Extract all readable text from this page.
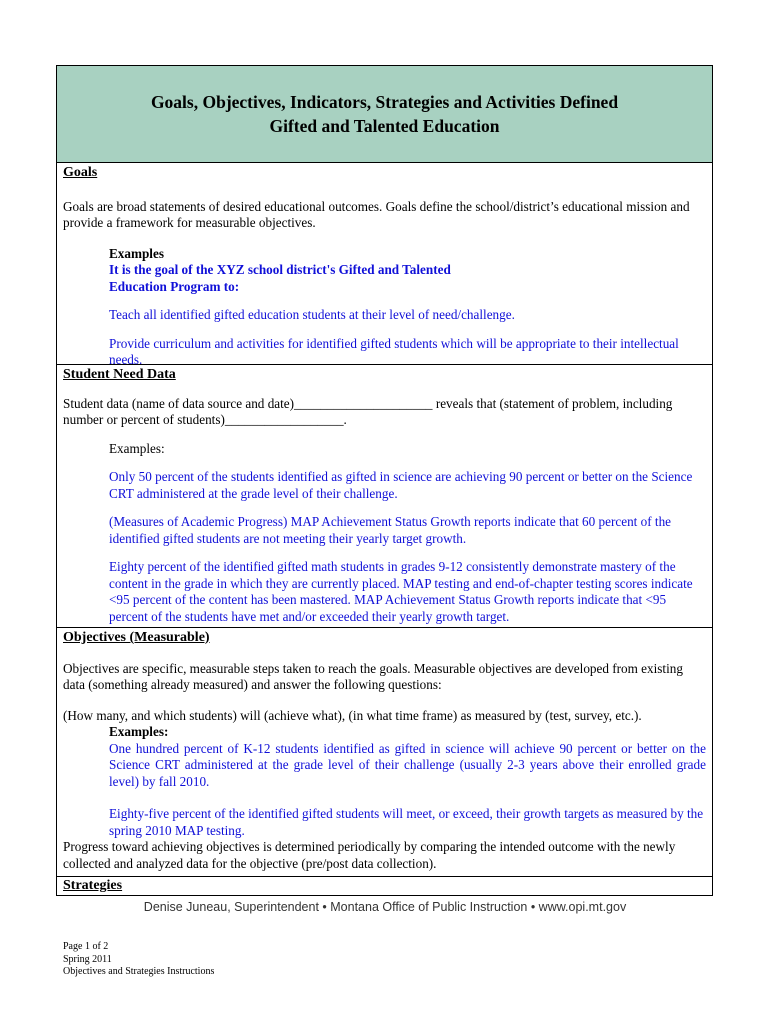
Goals, Objectives, Indicators, Strategies and Activities Defined
Gifted and Talented Education
Goals
Goals are broad statements of desired educational outcomes. Goals define the school/district’s educational mission and provide a framework for measurable objectives.
Examples
It is the goal of the XYZ school district's Gifted and Talented Education Program to:
Teach all identified gifted education students at their level of need/challenge.
Provide curriculum and activities for identified gifted students which will be appropriate to their intellectual needs.
Student Need Data
Student data (name of data source and date)_____________________ reveals that (statement of problem, including number or percent of students)__________________.
Examples:
Only 50 percent of the students identified as gifted in science are achieving 90 percent or better on the Science CRT administered at the grade level of their challenge.
(Measures of Academic Progress) MAP Achievement Status Growth reports indicate that 60 percent of the identified gifted students are not meeting their yearly target growth.
Eighty percent of the identified gifted math students in grades 9-12 consistently demonstrate mastery of the content in the grade in which they are currently placed. MAP testing and end-of-chapter testing scores indicate <95 percent of the content has been mastered. MAP Achievement Status Growth reports indicate that <95 percent of the students have met and/or exceeded their yearly growth target.
Objectives (Measurable)
Objectives are specific, measurable steps taken to reach the goals. Measurable objectives are developed from existing data (something already measured) and answer the following questions:
(How many, and which students) will (achieve what), (in what time frame) as measured by (test, survey, etc.).
Examples:
One hundred percent of K-12 students identified as gifted in science will achieve 90 percent or better on the Science CRT administered at the grade level of their challenge (usually 2-3 years above their enrolled grade level) by fall 2010.
Eighty-five percent of the identified gifted students will meet, or exceed, their growth targets as measured by the spring 2010 MAP testing.
Progress toward achieving objectives is determined periodically by comparing the intended outcome with the newly collected and analyzed data for the objective (pre/post data collection).
Strategies
Denise Juneau, Superintendent • Montana Office of Public Instruction • www.opi.mt.gov
Page 1 of 2
Spring 2011
Objectives and Strategies Instructions
